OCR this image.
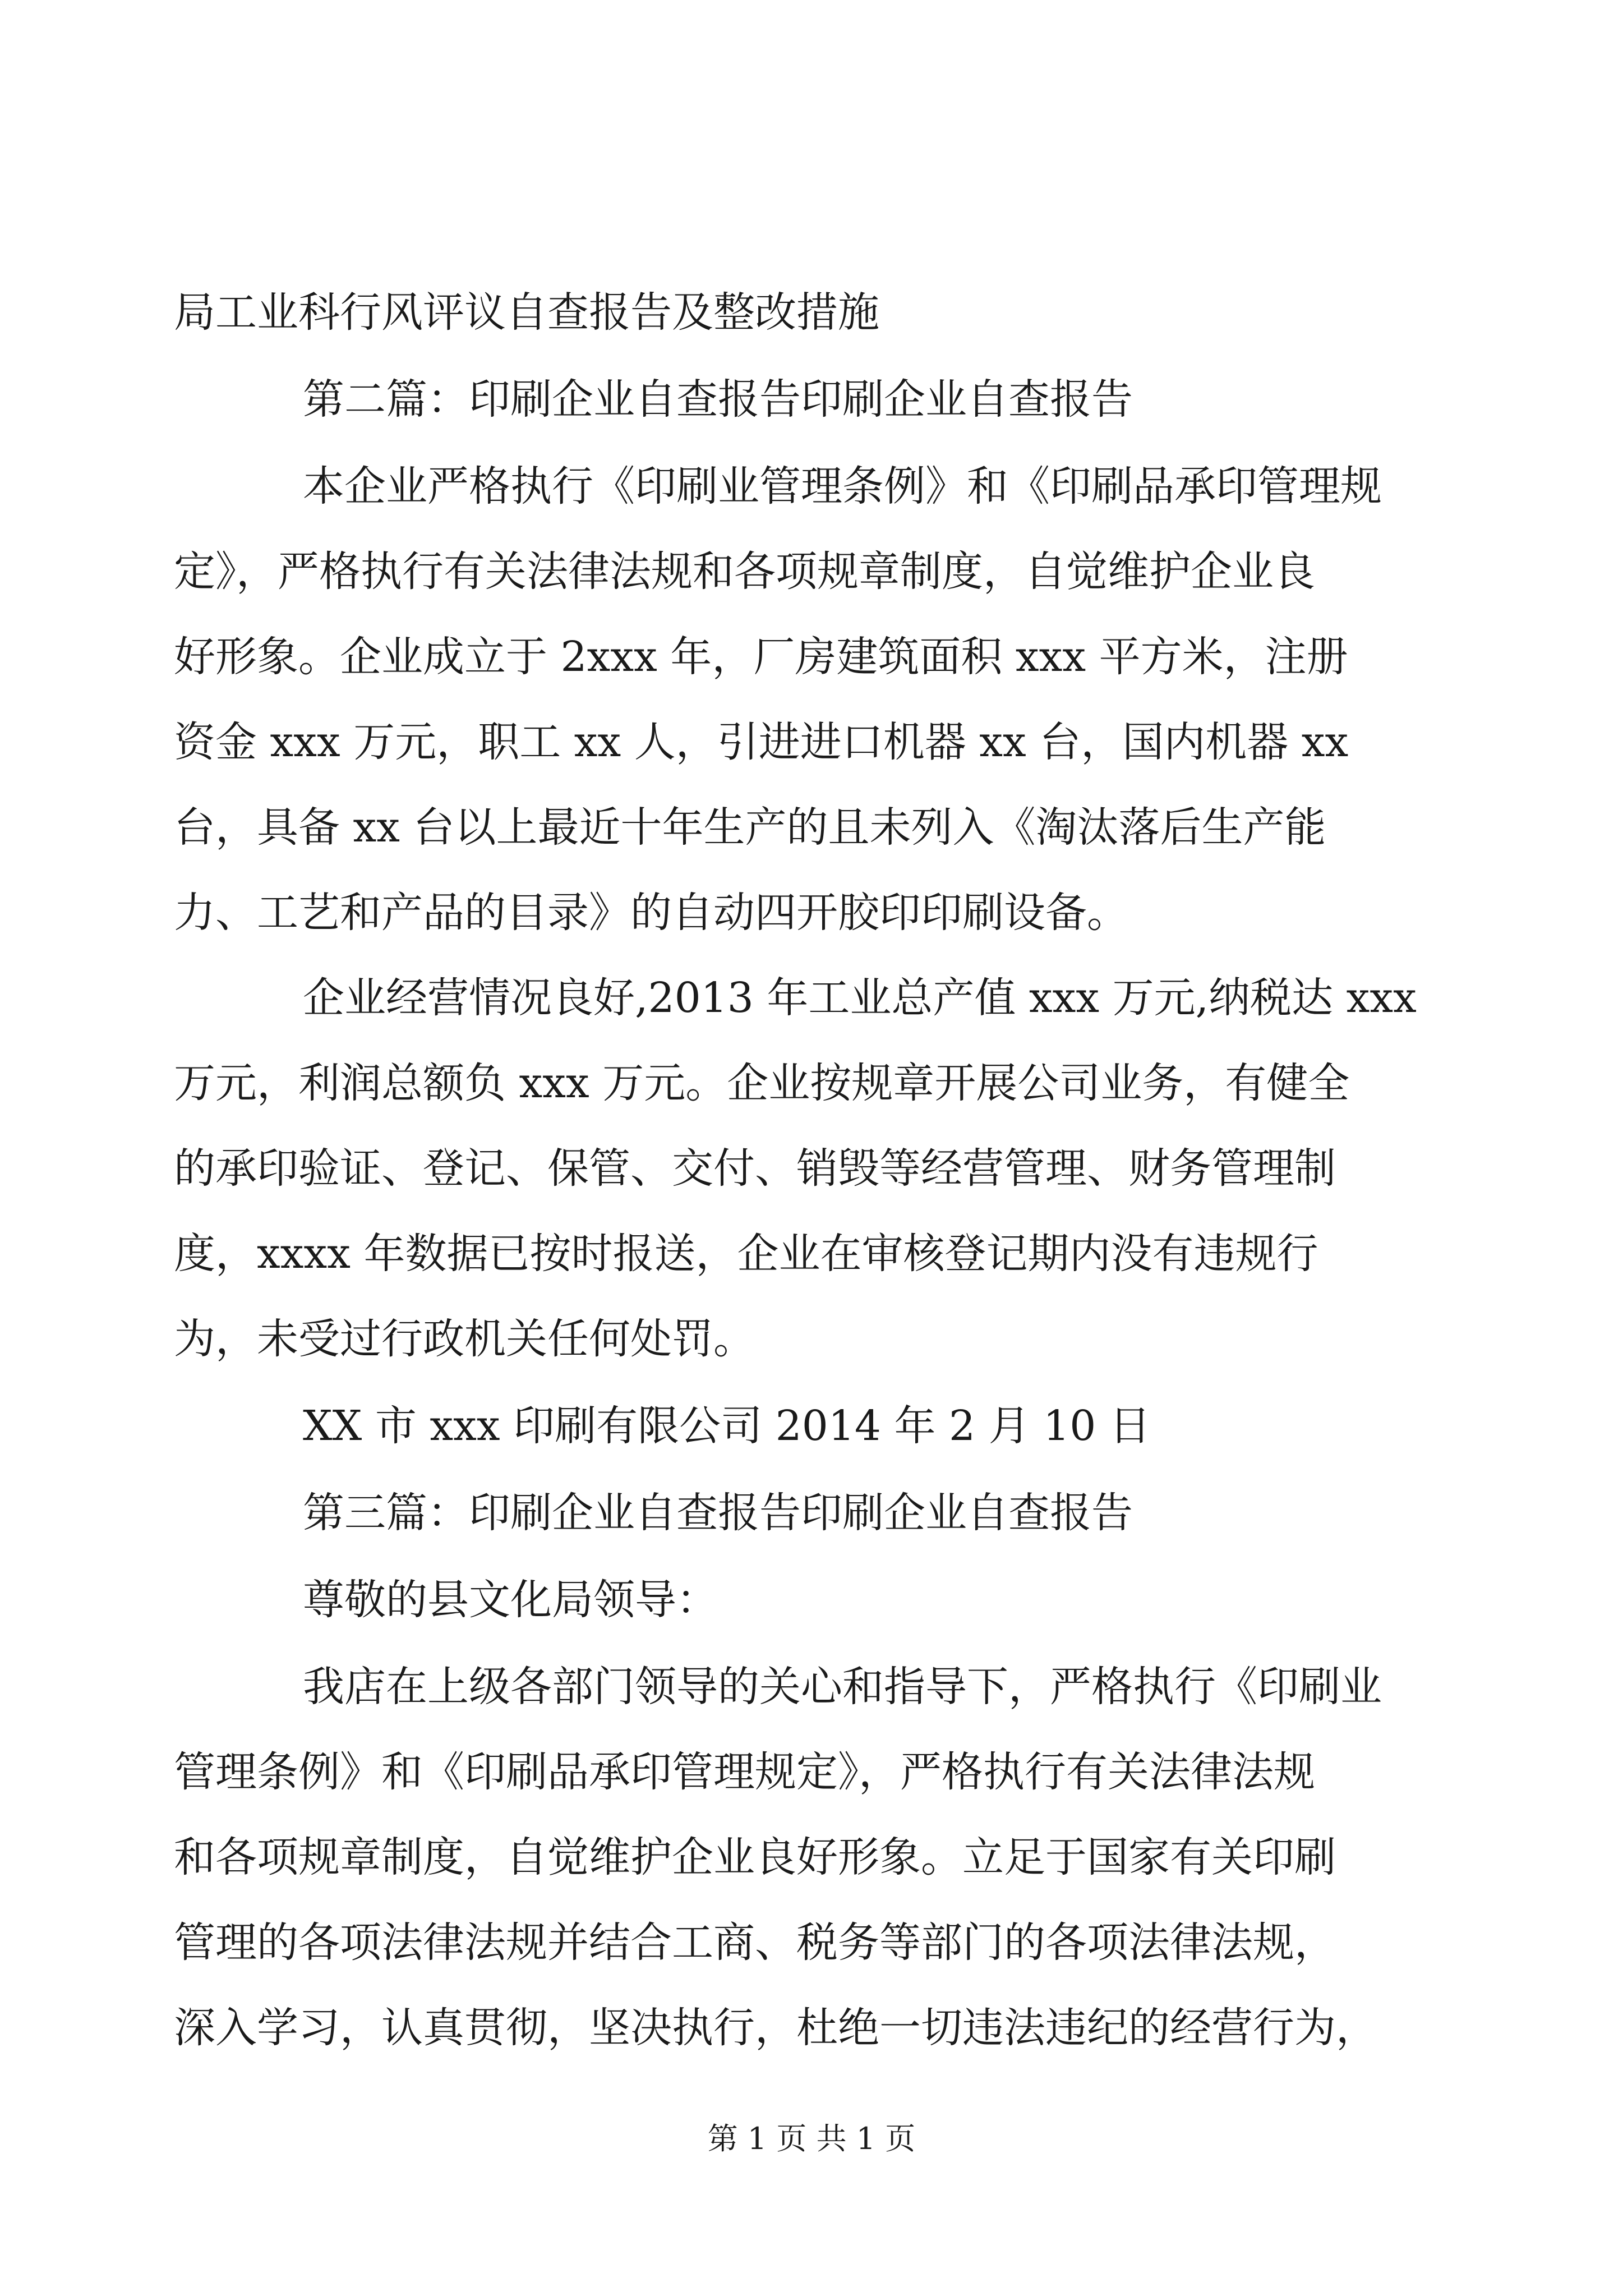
局工业科行风评议自查报告及整改措施
第二篇：印刷企业自查报告印刷企业自查报告
本企业严格执行《印刷业管理条例》和《印刷品承印管理规
定》，严格执行有关法律法规和各项规章制度，自觉维护企业良
好形象。企业成立于 2xxx 年，厂房建筑面积 xxx 平方米，注册
资金 xxx 万元，职工 xx 人，引进进口机器 xx 台，国内机器 xx
台，具备 xx 台以上最近十年生产的且未列入《淘汰落后生产能
力、工艺和产品的目录》的自动四开胶印印刷设备。
企业经营情况良好,2013 年工业总产值 xxx 万元,纳税达 xxx
万元，利润总额负 xxx 万元。企业按规章开展公司业务，有健全
的承印验证、登记、保管、交付、销毁等经营管理、财务管理制
度，xxxx 年数据已按时报送，企业在审核登记期内没有违规行
为，未受过行政机关任何处罚。
XX 市 xxx 印刷有限公司 2014 年 2 月 10 日
第三篇：印刷企业自查报告印刷企业自查报告
尊敬的县文化局领导：
我店在上级各部门领导的关心和指导下，严格执行《印刷业
管理条例》和《印刷品承印管理规定》，严格执行有关法律法规
和各项规章制度，自觉维护企业良好形象。立足于国家有关印刷
管理的各项法律法规并结合工商、税务等部门的各项法律法规，
深入学习，认真贯彻，坚决执行，杜绝一切违法违纪的经营行为，
第 1 页 共 1 页
